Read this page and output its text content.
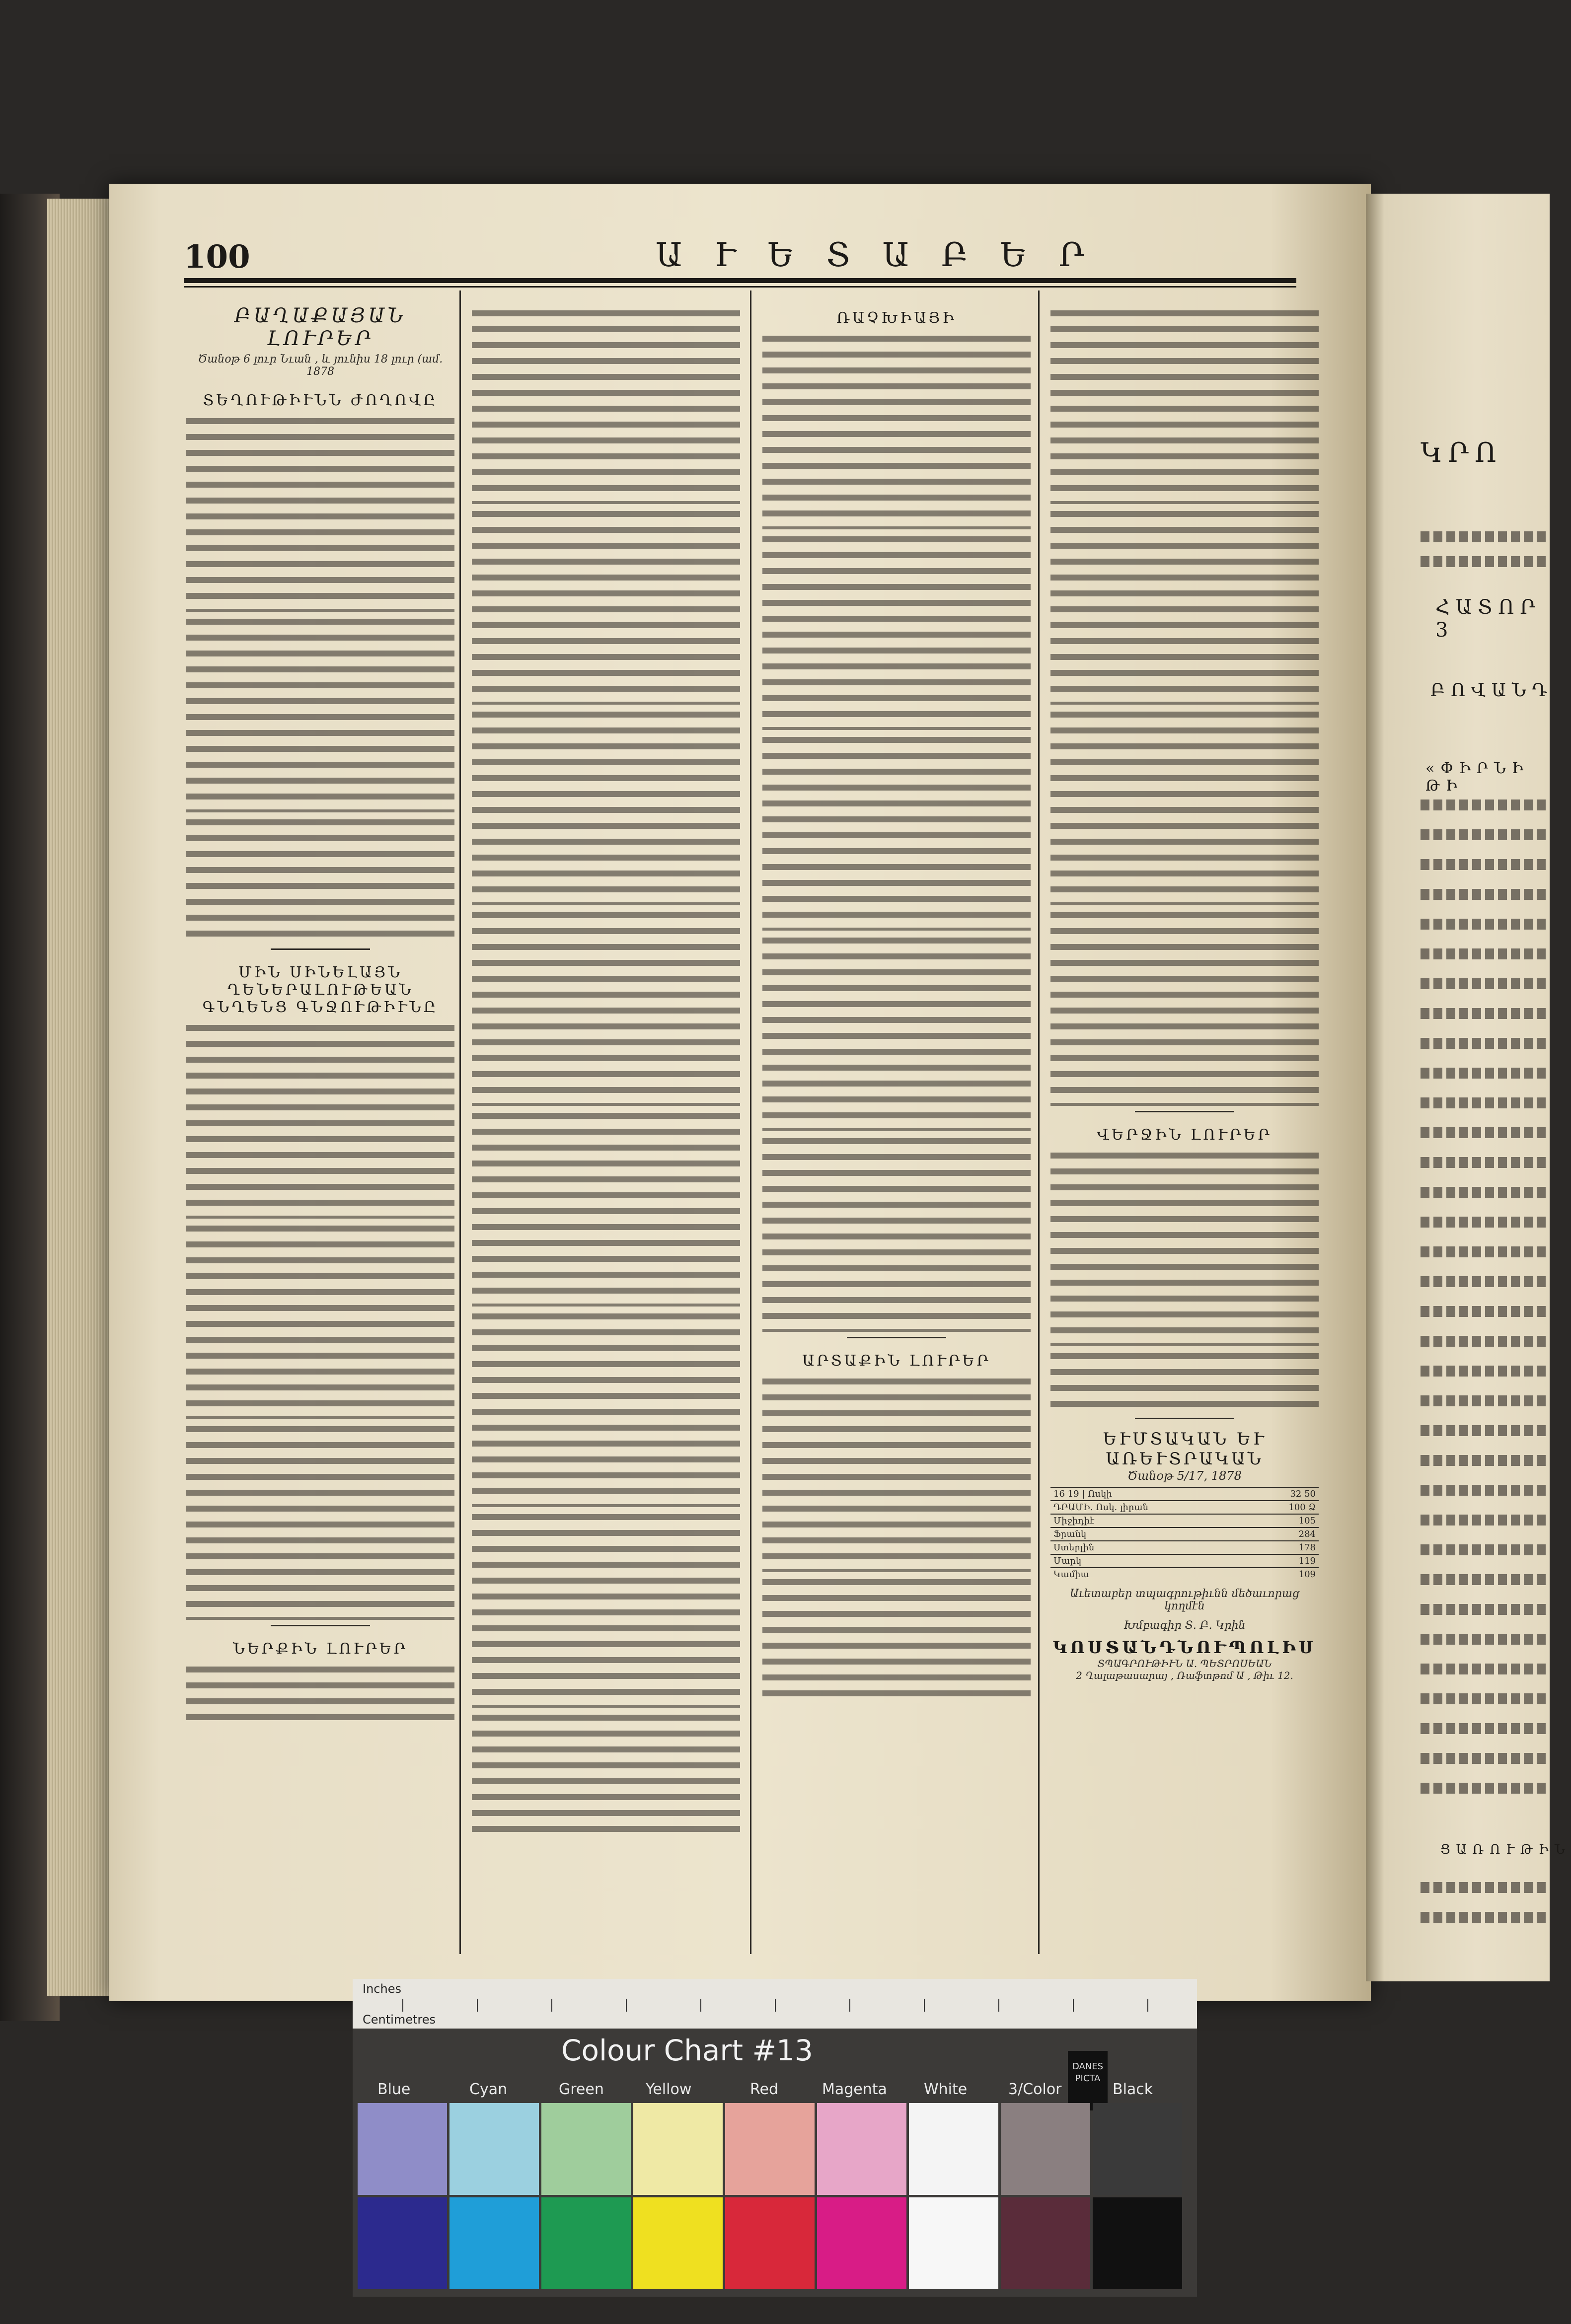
100	Ա Ւ Ե Տ Ա Բ Ե Ր
ԲԱՂԱՔԱՅԱՆ ԼՈՒՐԵՐ
Ծանօթ 6 լուր Նւան , և յունիս 18 լուր (ամ. 1878
ՏԵՂՈՒԹԻՒՆՆ ԺՈՂՈՎԸ
ՄԻՆ ՍԻՆԵԼԱՅՆ ՂԵՆԵՐԱԼՈՒԹԵԱՆ ԳՆՂԵՆՑ ԳՆՋՈՒԹԻՒՆԸ
ՆԵՐՔԻՆ ԼՈՒՐԵՐ
ՌԱՉԽԻԱՅԻ
ԱՐՏԱՔԻՆ ԼՈՒՐԵՐ
ՎԵՐՋԻՆ ԼՈՒՐԵՐ
ԵՒՄՏԱԿԱՆ ԵՒ ԱՌԵՒՏՐԱԿԱՆ
Ծանօթ 5/17, 1878
16 19 | Ոսկի	32 50
ԴՐԱՄԻ. Ոսկ. լիրան	100 Ձ
Միջիդիէ	105
Ֆրանկ	284
Ստերլին	178
Մարկ	119
Կամիա	109
Աւետաբեր տպագրութիւնն մեծաւորաց կողմէն
Խմբագիր Տ. Բ. Կրին
ԿՈՍՏԱՆԴՆՈՒՊՈԼԻՍ
ՏՊԱԳՐՈՒԹԻՒՆ Ա. ՊԵՏՐՈՍԵԱՆ
2 Ղալաթասարայ , Ռաֆտթոմ Ա , Թիւ 12.
ԿՐՈ
ՀԱՏՈՐ 3
ԲՈՎԱՆԴ
«ՓԻՐՆԻ ԹԻ
ՑԱՌՈՒԹԻՆ
Inches
Centimetres
Colour Chart #13	DANES PICTA
Blue	Cyan	Green	Yellow	Red	Magenta White	3/Color	Black
